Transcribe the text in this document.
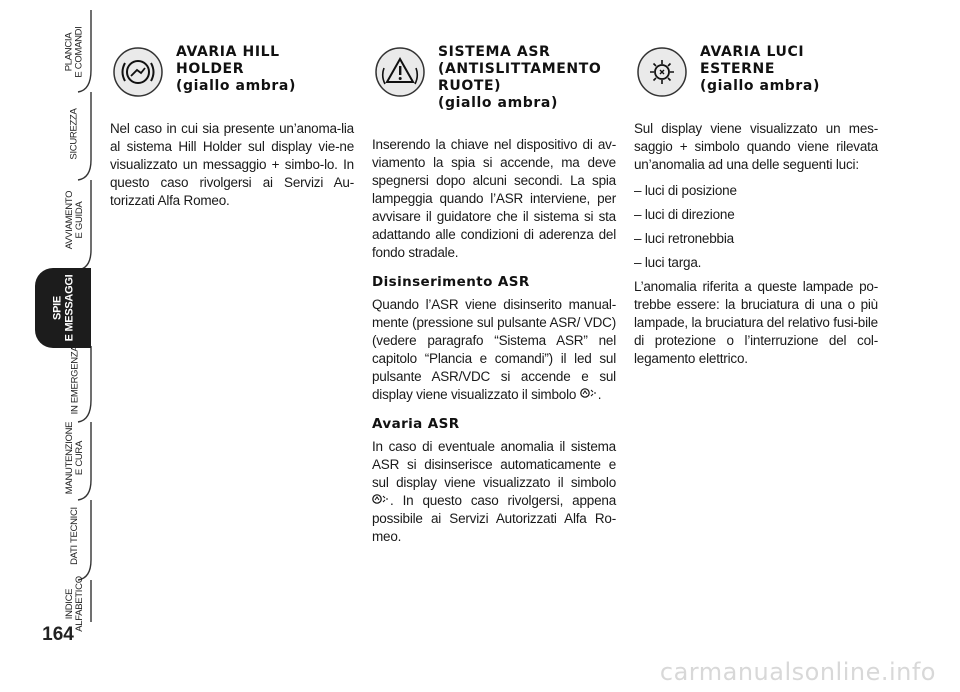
PLANCIA
E COMANDI
SICUREZZA
AVVIAMENTO
E GUIDA
SPIE
E MESSAGGI
IN EMERGENZA
MANUTENZIONE
E CURA
DATI TECNICI
INDICE
ALFABETICO
164
AVARIA HILL
HOLDER
(giallo ambra)

Nel caso in cui sia presente un’anoma-lia al sistema Hill Holder sul display vie-ne visualizzato un messaggio + simbo-lo. In questo caso rivolgersi ai Servizi Au-torizzati Alfa Romeo.

SISTEMA ASR
(ANTISLITTAMENTO
RUOTE)
(giallo ambra)

Inserendo la chiave nel dispositivo di av-viamento la spia si accende, ma deve spegnersi dopo alcuni secondi. La spia lampeggia quando l’ASR interviene, per avvisare il guidatore che il sistema si sta adattando alle condizioni di aderenza del fondo stradale.

Disinserimento ASR

Quando l’ASR viene disinserito manual-mente (pressione sul pulsante ASR/ VDC) (vedere paragrafo “Sistema ASR” nel capitolo “Plancia e comandi”) il led sul pulsante ASR/VDC si accende e sul display viene visualizzato il simbolo .

Avaria ASR

In caso di eventuale anomalia il sistema ASR si disinserisce automaticamente e sul display viene visualizzato il simbolo . In questo caso rivolgersi, appena possibile ai Servizi Autorizzati Alfa Ro-meo.

AVARIA LUCI
ESTERNE
(giallo ambra)

Sul display viene visualizzato un mes-saggio + simbolo quando viene rilevata un’anomalia ad una delle seguenti luci:

– luci di posizione

– luci di direzione

– luci retronebbia

– luci targa.

L’anomalia riferita a queste lampade po-trebbe essere: la bruciatura di una o più lampade, la bruciatura del relativo fusi-bile di protezione o l’interruzione del col-legamento elettrico.

carmanualsonline.info
